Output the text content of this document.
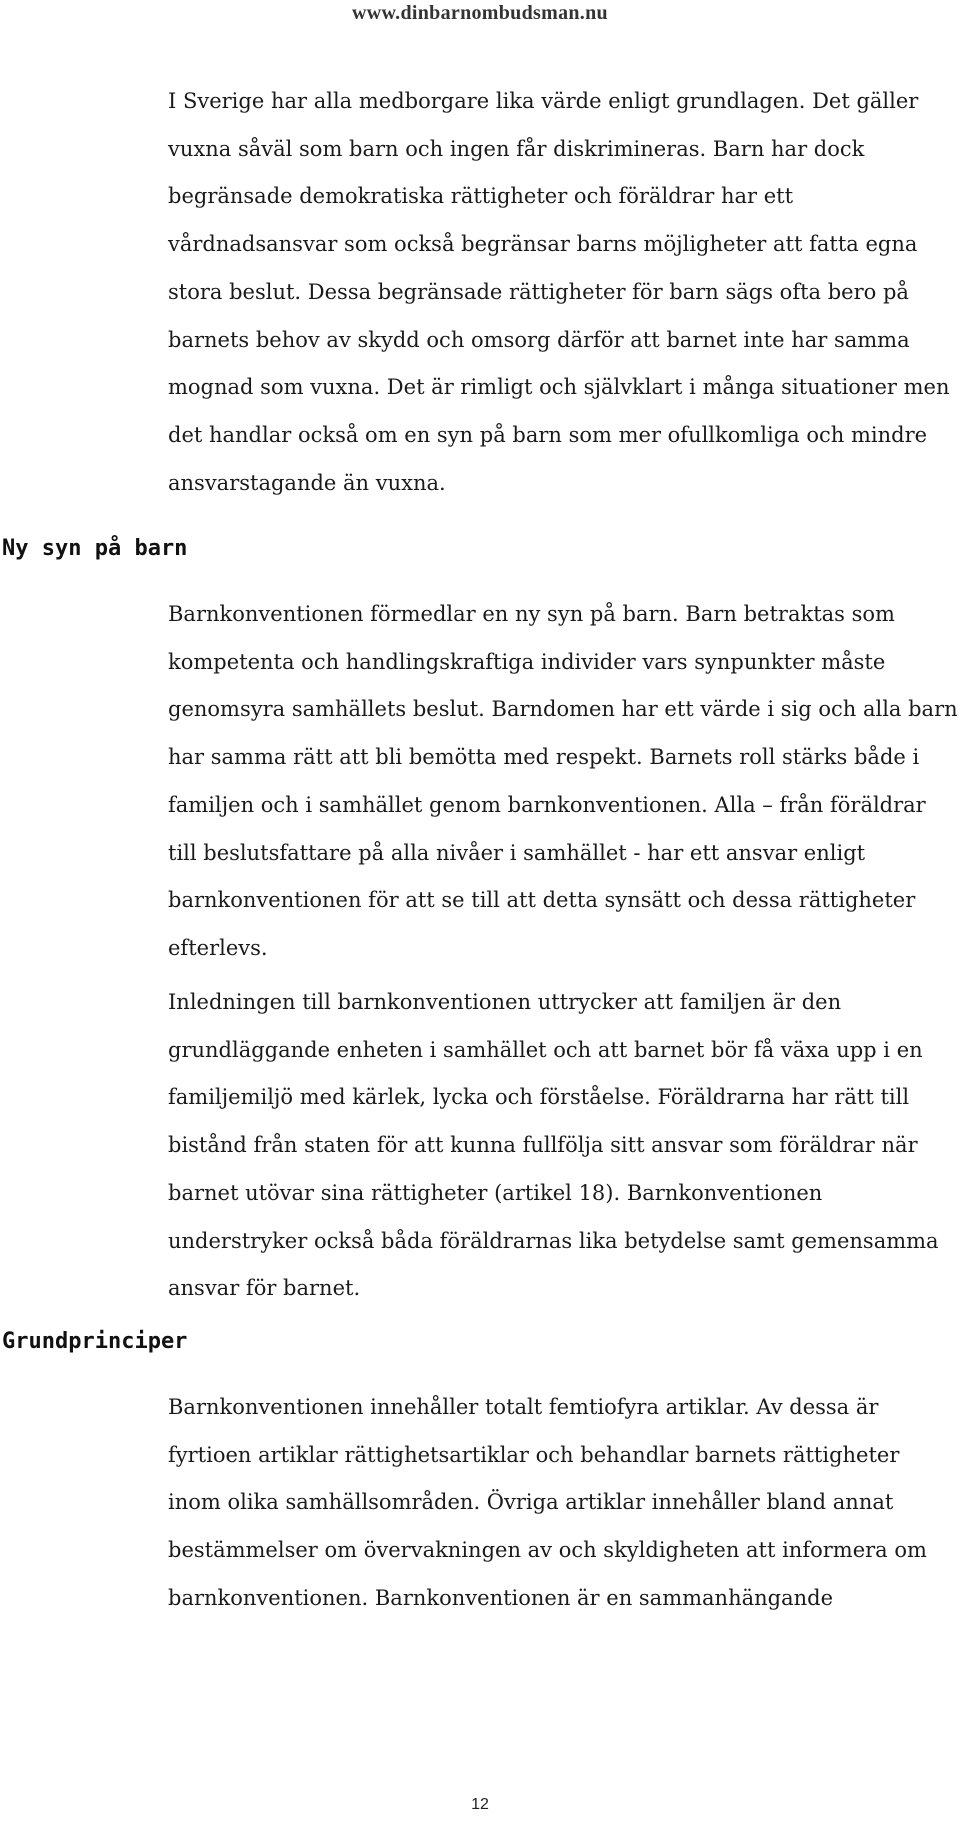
www.dinbarnombudsman.nu

I Sverige har alla medborgare lika värde enligt grundlagen. Det gäller vuxna såväl som barn och ingen får diskrimineras. Barn har dock begränsade demokratiska rättigheter och föräldrar har ett vårdnadsansvar som också begränsar barns möjligheter att fatta egna stora beslut. Dessa begränsade rättigheter för barn sägs ofta bero på barnets behov av skydd och omsorg därför att barnet inte har samma mognad som vuxna. Det är rimligt och självklart i många situationer men det handlar också om en syn på barn som mer ofullkomliga och mindre ansvarstagande än vuxna.

Ny syn på barn

Barnkonventionen förmedlar en ny syn på barn. Barn betraktas som kompetenta och handlingskraftiga individer vars synpunkter måste genomsyra samhällets beslut. Barndomen har ett värde i sig och alla barn har samma rätt att bli bemötta med respekt. Barnets roll stärks både i familjen och i samhället genom barnkonventionen. Alla – från föräldrar till beslutsfattare på alla nivåer i samhället - har ett ansvar enligt barnkonventionen för att se till att detta synsätt och dessa rättigheter efterlevs.

Inledningen till barnkonventionen uttrycker att familjen är den grundläggande enheten i samhället och att barnet bör få växa upp i en familjemiljö med kärlek, lycka och förståelse. Föräldrarna har rätt till bistånd från staten för att kunna fullfölja sitt ansvar som föräldrar när barnet utövar sina rättigheter (artikel 18). Barnkonventionen understryker också båda föräldrarnas lika betydelse samt gemensamma ansvar för barnet.

Grundprinciper

Barnkonventionen innehåller totalt femtiofyra artiklar. Av dessa är fyrtioen artiklar rättighetsartiklar och behandlar barnets rättigheter inom olika samhällsområden. Övriga artiklar innehåller bland annat bestämmelser om övervakningen av och skyldigheten att informera om barnkonventionen. Barnkonventionen är en sammanhängande

12
